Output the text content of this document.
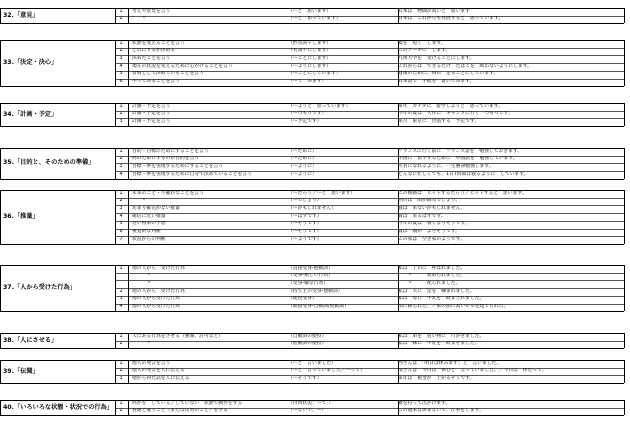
32.「意見」
1	考えや意見を言う	（〜と　思います）	日本は　物価が高いと　思います
2	　　〃	（〜と　思っています）	日本は　これからも発展すると　思っています。
33.「決定・決心」
1	状態を変えることを言う	（形容詞＋します）	髪を　短く　します。
2	どれにするか決める	（名詞＋にします）	このケーキに　します。
3	決めたことを言う	（〜ことにします）	九州大学を　受けることにします。
4	現在の状況を変えるために心がけることを言う	（〜ようにします）	これからは　できるだけ　たばこを　吸わないようにします。
5	習慣として決めていることを言う	（〜ことにしています）	健康のために、毎日　走ることにしています。
6	やってみることを言う	（〜て　みます）	日本語で　手紙を　書いてみます。
34.「計画・予定」
1	計画・予定を言う	（〜ようと　思っています）	来年　カナダに　留学しようと　思っています。
2	計画・予定を言う	（〜つもりです）	今年の夏は　久住に　キャンプに行く　つもりです。
3	計画・予定を言う	（〜予定です）	来月　東京に　出張する　予定です。
35.「目的と、そのための準備」
1	目的・目標のためにすることを言う	（〜ために）	フランスに行く前に　フランス語を　勉強しておきます。
2	何のためにするのか目的を言う	（〜ために）	中国に　留学するために　中国語を　勉強しています。
3	目標・夢を実現するためにすることを言う	（〜ように）	医者になれるように、一生懸命勉強します。
4	目標・夢を実現するために自分で決めていることを言う	（〜ように）	どんなに忙しくても、1日7時間は寝るように　しています。
36.「推量」
1	未来のこと・不確かなことを言う	（〜だろう／〜と　思います）	この映画は　ヒットするだろう／ヒットすると　思います。
2	　　〃	（〜でしょう）	明日は　雨が降るでしょう。
3	あまり確信がない推量	（〜かもしれません）	彼は　来ないかもしれません。
4	確信に近い推量	（〜はずです）	彼は　来るはずです。
5	近い将来の予想	（〜そうです）	今年の夏は　暑くなりそうです。
6	視覚的な判断	（〜そうです）	彼は　頭が　よさそうです。
7	状況からの判断	（〜ようです）	この家は　空き家のようです。
37.「人から受けた行為」
1	他の人から　受けた行為	（直接受身-他動詞）	私は　上司に　呼ばれました。
　　　〃	（受身-嬉しい行為）	　　〃　　　褒められました。
　　　〃	（受身-嫌な行為）	　　〃　　　叱られました。
2	他の人から　受けた行為	（持ち主の受身-他動詞）	私は　犬に　足を　噛まれました。
3	他の人から受けた行為	（使役受身）	私は　母に　牛乳を　飲まされました。
4	他の人から受けた行為	（間接受身-自動詞/他動詞）	雨に降られた。／家の前に高いビルを建てられた。
38.「人にさせる」
1	人にある行為をさせる（強制、許可など）	（自動詞の使役）	私は　弟を　買い物に　行かせました。
2	　　　〃	（他動詞の使役）	私は　妹に　牛乳を　飲ませました。
39.「伝聞」
1	他人の発言を言う	（〜と　言いました）	西さんは　「明日は休みます」と　言いました。
2	他人の発言を人に伝える	（〜と　言っていました／〜って）	南さんは　今日は　休むと　言っていました。／今日は　休むって。
3	他から得た話を人に伝える	（〜そうです）	来年は　税金が　上がるそうです。
40.「いろいろな状態・状況での行為」
1	何かを　している／していない　状態で動作をする	（付帯状況：〜て、）	鍵を持って出かけます。
2	普通と違うこと（または反対のこと）をする	（〜ないで、〜）	この週末は休まないで、仕事をします。
